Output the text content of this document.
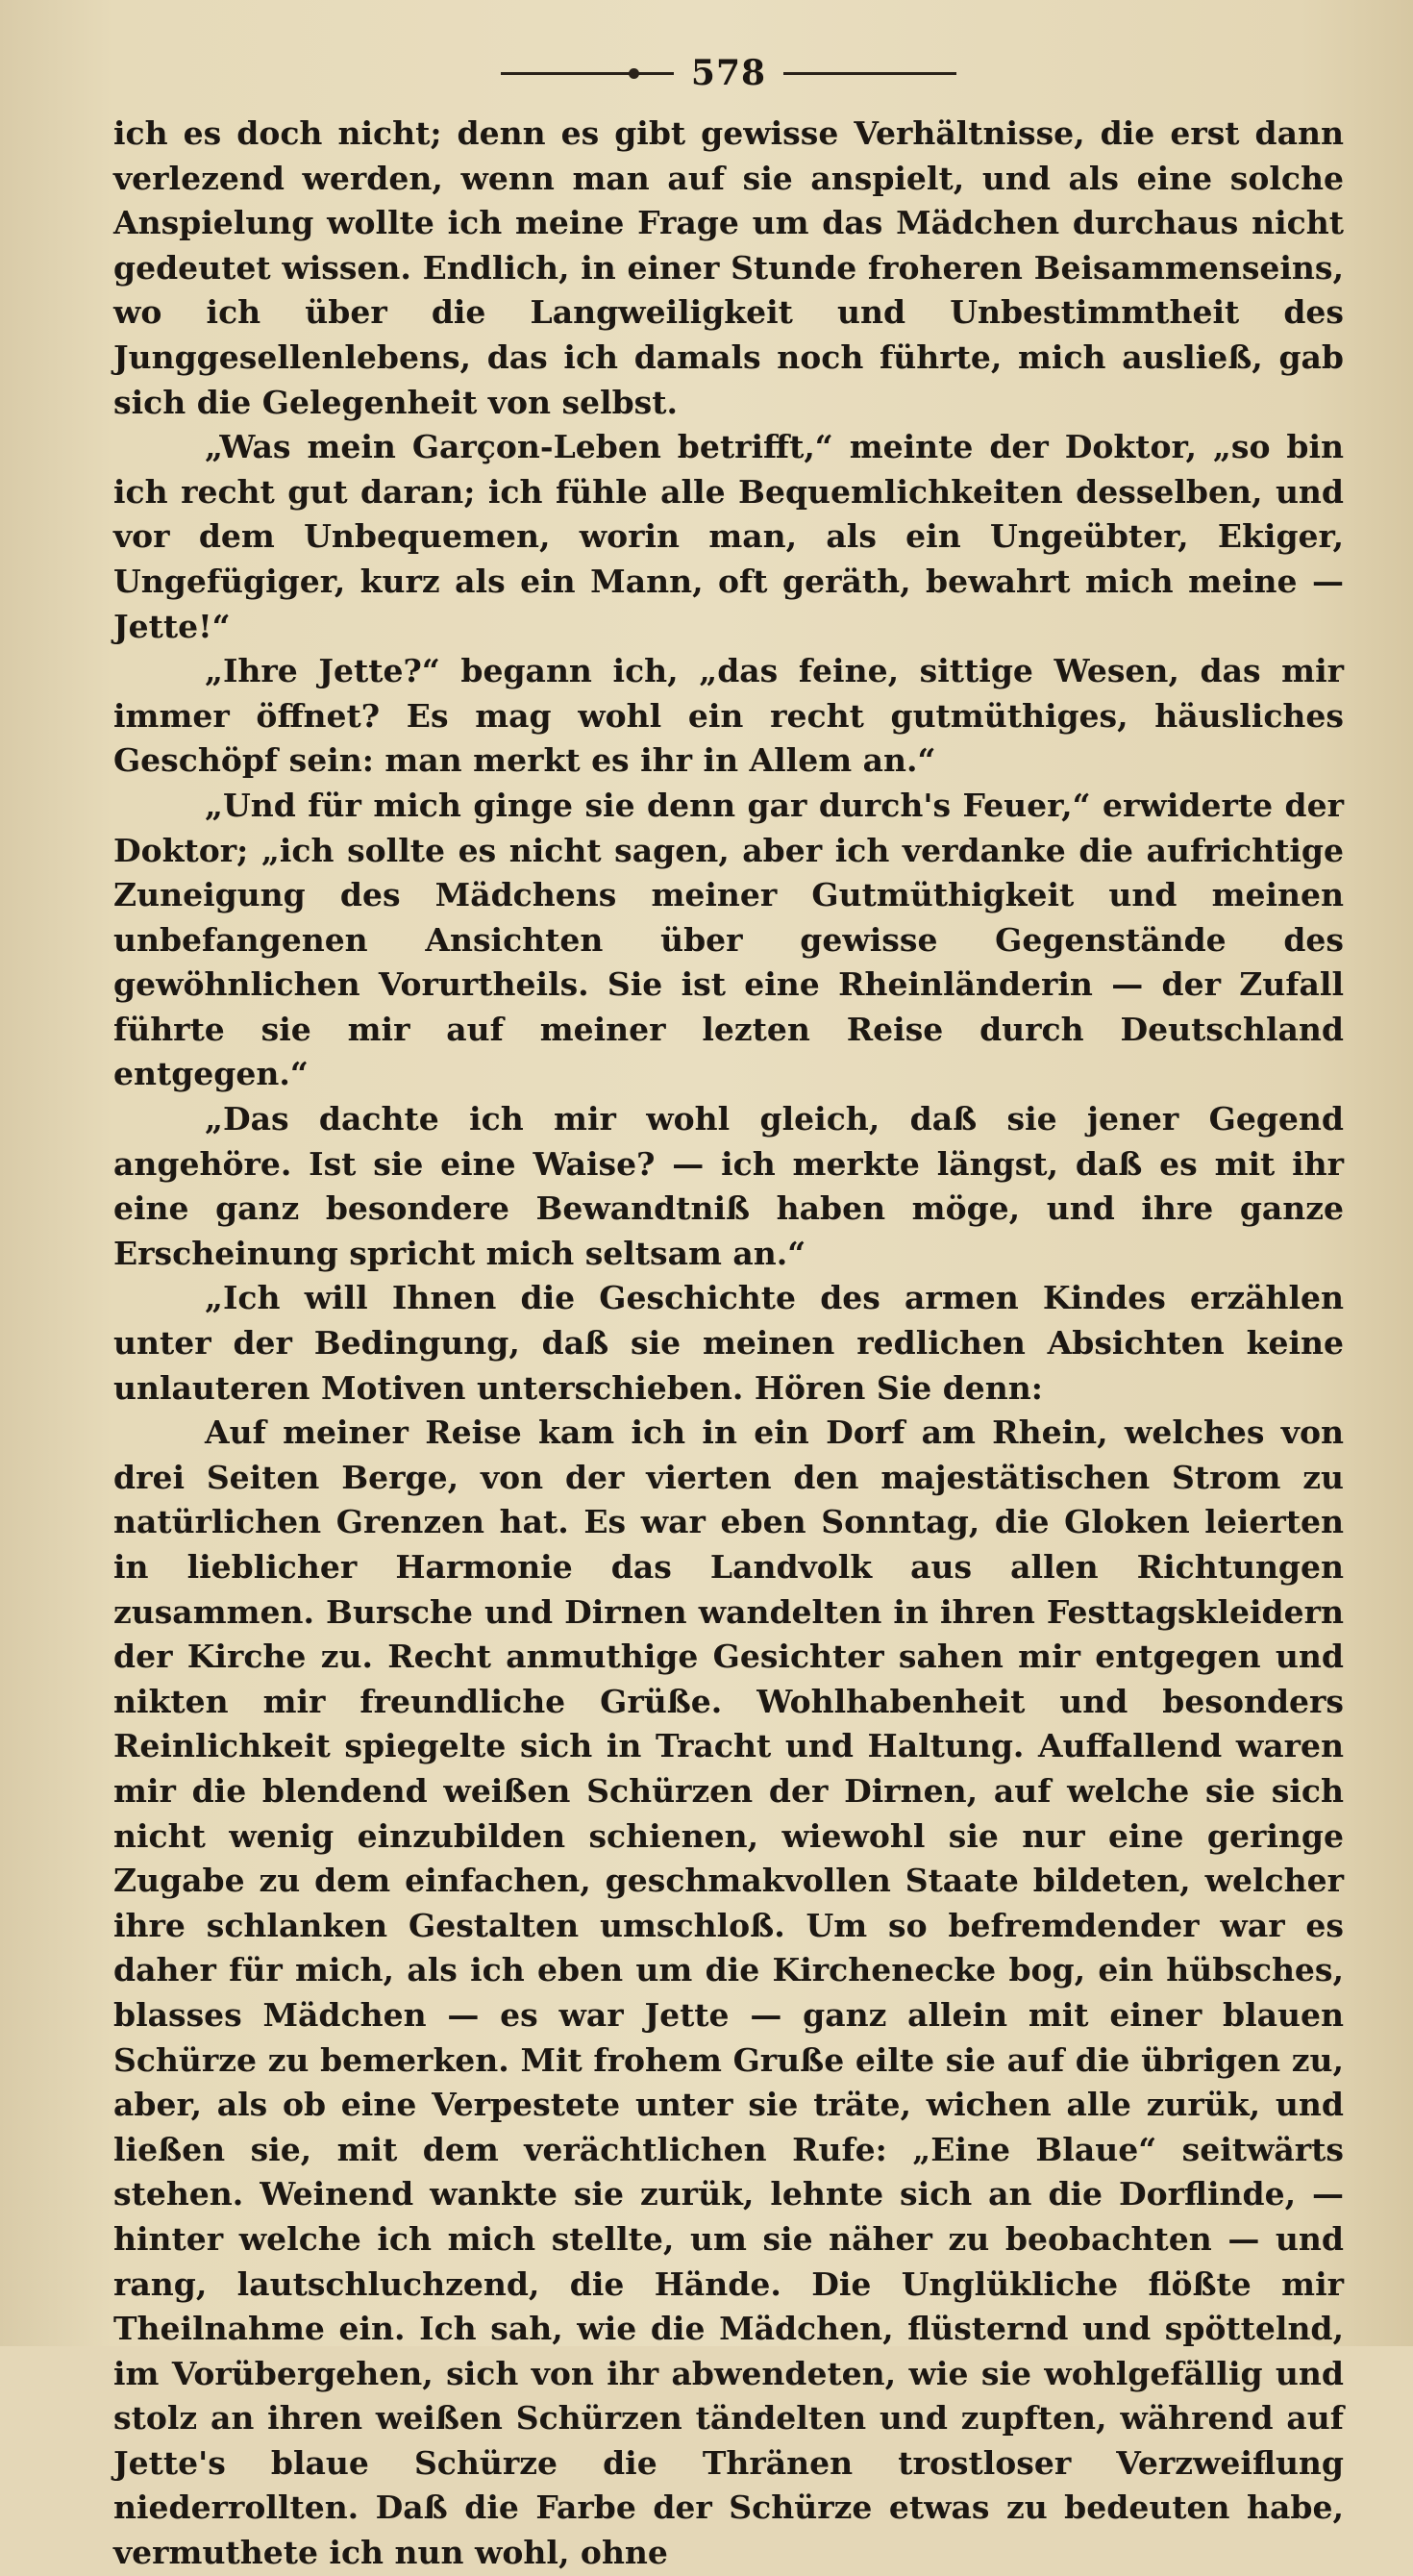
578

ich es doch nicht; denn es gibt gewisse Verhältnisse, die erst dann verlezend werden, wenn man auf sie anspielt, und als eine solche Anspielung wollte ich meine Frage um das Mädchen durchaus nicht gedeutet wissen. Endlich, in einer Stunde froheren Beisammenseins, wo ich über die Langweiligkeit und Unbestimmtheit des Junggesellenlebens, das ich damals noch führte, mich ausließ, gab sich die Gelegenheit von selbst.

„Was mein Garçon-Leben betrifft,“ meinte der Doktor, „so bin ich recht gut daran; ich fühle alle Bequemlichkeiten desselben, und vor dem Unbequemen, worin man, als ein Ungeübter, Ekiger, Ungefügiger, kurz als ein Mann, oft geräth, bewahrt mich meine — Jette!“

„Ihre Jette?“ begann ich, „das feine, sittige Wesen, das mir immer öffnet? Es mag wohl ein recht gutmüthiges, häusliches Geschöpf sein: man merkt es ihr in Allem an.“

„Und für mich ginge sie denn gar durch's Feuer,“ erwiderte der Doktor; „ich sollte es nicht sagen, aber ich verdanke die aufrichtige Zuneigung des Mädchens meiner Gutmüthigkeit und meinen unbefangenen Ansichten über gewisse Gegenstände des gewöhnlichen Vorurtheils. Sie ist eine Rheinländerin — der Zufall führte sie mir auf meiner lezten Reise durch Deutschland entgegen.“

„Das dachte ich mir wohl gleich, daß sie jener Gegend angehöre. Ist sie eine Waise? — ich merkte längst, daß es mit ihr eine ganz besondere Bewandtniß haben möge, und ihre ganze Erscheinung spricht mich seltsam an.“

„Ich will Ihnen die Geschichte des armen Kindes erzählen unter der Bedingung, daß sie meinen redlichen Absichten keine unlauteren Motiven unterschieben. Hören Sie denn:

Auf meiner Reise kam ich in ein Dorf am Rhein, welches von drei Seiten Berge, von der vierten den majestätischen Strom zu natürlichen Grenzen hat. Es war eben Sonntag, die Gloken leierten in lieblicher Harmonie das Landvolk aus allen Richtungen zusammen. Bursche und Dirnen wandelten in ihren Festtagskleidern der Kirche zu. Recht anmuthige Gesichter sahen mir entgegen und nikten mir freundliche Grüße. Wohlhabenheit und besonders Reinlichkeit spiegelte sich in Tracht und Haltung. Auffallend waren mir die blendend weißen Schürzen der Dirnen, auf welche sie sich nicht wenig einzubilden schienen, wiewohl sie nur eine geringe Zugabe zu dem einfachen, geschmakvollen Staate bildeten, welcher ihre schlanken Gestalten umschloß. Um so befremdender war es daher für mich, als ich eben um die Kirchenecke bog, ein hübsches, blasses Mädchen — es war Jette — ganz allein mit einer blauen Schürze zu bemerken. Mit frohem Gruße eilte sie auf die übrigen zu, aber, als ob eine Verpestete unter sie träte, wichen alle zurük, und ließen sie, mit dem verächtlichen Rufe: „Eine Blaue“ seitwärts stehen. Weinend wankte sie zurük, lehnte sich an die Dorflinde, — hinter welche ich mich stellte, um sie näher zu beobachten — und rang, lautschluchzend, die Hände. Die Unglükliche flößte mir Theilnahme ein. Ich sah, wie die Mädchen, flüsternd und spöttelnd, im Vorübergehen, sich von ihr abwendeten, wie sie wohlgefällig und stolz an ihren weißen Schürzen tändelten und zupften, während auf Jette's blaue Schürze die Thränen trostloser Verzweiflung niederrollten. Daß die Farbe der Schürze etwas zu bedeuten habe, vermuthete ich nun wohl, ohne
